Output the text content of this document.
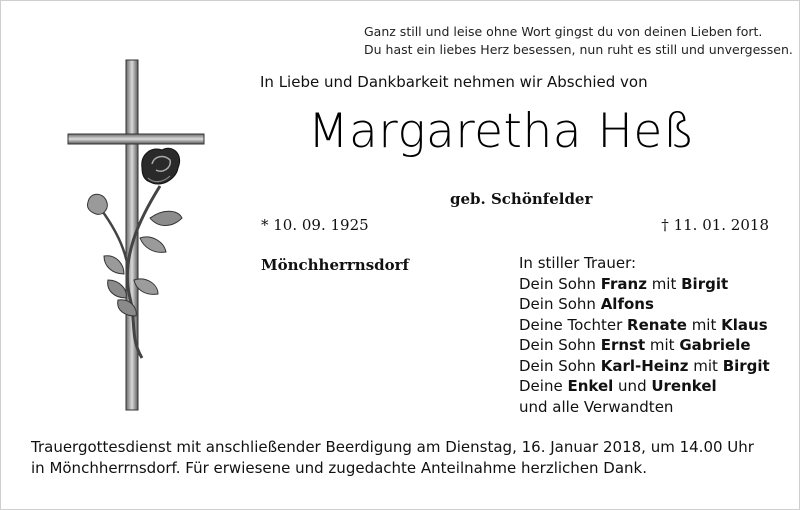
Ganz still und leise ohne Wort gingst du von deinen Lieben fort.
Du hast ein liebes Herz besessen, nun ruht es still und unvergessen.
In Liebe und Dankbarkeit nehmen wir Abschied von
Margaretha Heß
geb. Schönfelder
* 10. 09. 1925	† 11. 01. 2018
Mönchherrnsdorf	In stiller Trauer:
Dein Sohn Franz mit Birgit
Dein Sohn Alfons
Deine Tochter Renate mit Klaus
Dein Sohn Ernst mit Gabriele
Dein Sohn Karl-Heinz mit Birgit
Deine Enkel und Urenkel
und alle Verwandten
Trauergottesdienst mit anschließender Beerdigung am Dienstag, 16. Januar 2018, um 14.00 Uhr
in Mönchherrnsdorf. Für erwiesene und zugedachte Anteilnahme herzlichen Dank.
